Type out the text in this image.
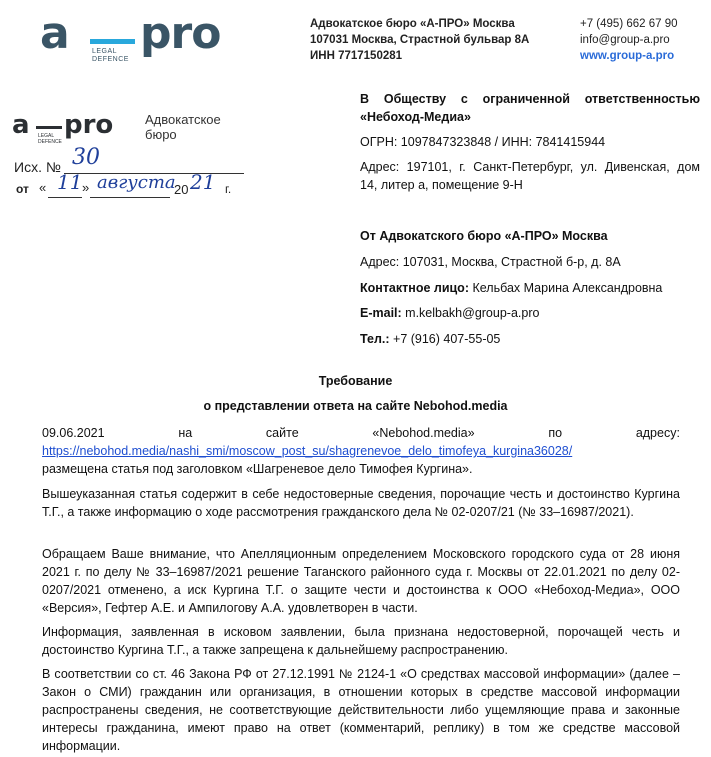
a pro
LEGAL
DEFENCE
Адвокатское бюро «А-ПРО» Москва
107031 Москва, Страстной бульвар 8А
ИНН 7717150281
+7 (495) 662 67 90
info@group-a.pro
www.group-a.pro
a pro
LEGAL
DEFENCE
Адвокатское
бюро
Исх. № 30
от « 11 » августа
20 21 г.
В Обществу с ограниченной ответственностью
«Небоход-Медиа»
ОГРН: 1097847323848 / ИНН: 7841415944
Адрес: 197101, г. Санкт-Петербург, ул. Дивенская, дом
14, литер а, помещение 9-Н
От Адвокатского бюро «А-ПРО» Москва
Адрес: 107031, Москва, Страстной б-р, д. 8А
Контактное лицо: Кельбах Марина Александровна
E-mail: m.kelbakh@group-a.pro
Тел.: +7 (916) 407-55-05
Требование
о представлении ответа на сайте Nebohod.media
09.06.2021	на	сайте	«Nebohod.media»	по	адресу:
https://nebohod.media/nashi_smi/moscow_post_su/shagrenevoe_delo_timofeya_kurgina36028/
размещена статья под заголовком «Шагреневое дело Тимофея Кургина».
Вышеуказанная статья содержит в себе недостоверные сведения, порочащие честь и достоинство Кургина Т.Г., а также информацию о ходе рассмотрения гражданского дела № 02-0207/21 (№ 33–16987/2021).
Обращаем Ваше внимание, что Апелляционным определением Московского городского суда от 28 июня 2021 г. по делу № 33–16987/2021 решение Таганского районного суда г. Москвы от 22.01.2021 по делу 02-0207/2021 отменено, а иск Кургина Т.Г. о защите чести и достоинства к ООО «Небоход-Медиа», ООО «Версия», Гефтер А.Е. и Ампилогову А.А. удовлетворен в части.
Информация, заявленная в исковом заявлении, была признана недостоверной, порочащей честь и достоинство Кургина Т.Г., а также запрещена к дальнейшему распространению.
В соответствии со ст. 46 Закона РФ от 27.12.1991 № 2124-1 «О средствах массовой информации» (далее – Закон о СМИ) гражданин или организация, в отношении которых в средстве массовой информации распространены сведения, не соответствующие действительности либо ущемляющие права и законные интересы гражданина, имеют право на ответ (комментарий, реплику) в том же средстве массовой информации.
